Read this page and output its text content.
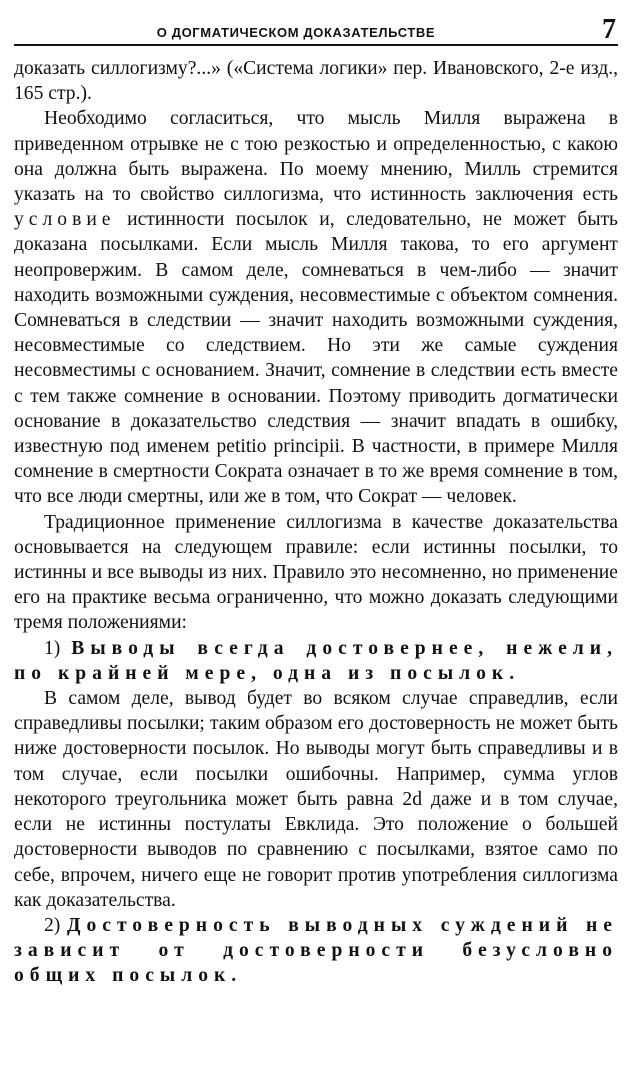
О ДОГМАТИЧЕСКОМ ДОКАЗАТЕЛЬСТВЕ	7

доказать силлогизму?...» («Система логики» пер. Ивановского, 2-е изд., 165 стр.).

Необходимо согласиться, что мысль Милля выражена в приведенном отрывке не с тою резкостью и определенностью, с какою она должна быть выражена. По моему мнению, Милль стремится указать на то свойство силлогизма, что истинность заключения есть условие истинности посылок и, следовательно, не может быть доказана посылками. Если мысль Милля такова, то его аргумент неопровержим. В самом деле, сомневаться в чем-либо — значит находить возможными суждения, несовместимые с объектом сомнения. Сомневаться в следствии — значит находить возможными суждения, несовместимые со следствием. Но эти же самые суждения несовместимы с основанием. Значит, сомнение в следствии есть вместе с тем также сомнение в основании. Поэтому приводить догматически основание в доказательство следствия — значит впадать в ошибку, известную под именем petitio principii. В частности, в примере Милля сомнение в смертности Сократа означает в то же время сомнение в том, что все люди смертны, или же в том, что Сократ — человек.

Традиционное применение силлогизма в качестве доказательства основывается на следующем правиле: если истинны посылки, то истинны и все выводы из них. Правило это несомненно, но применение его на практике весьма ограниченно, что можно доказать следующими тремя положениями:

1) Выводы всегда достовернее, нежели, по крайней мере, одна из посылок.

В самом деле, вывод будет во всяком случае справедлив, если справедливы посылки; таким образом его достоверность не может быть ниже достоверности посылок. Но выводы могут быть справедливы и в том случае, если посылки ошибочны. Например, сумма углов некоторого треугольника может быть равна 2d даже и в том случае, если не истинны постулаты Евклида. Это положение о большей достоверности выводов по сравнению с посылками, взятое само по себе, впрочем, ничего еще не говорит против употребления силлогизма как доказательства.

2) Достоверность выводных суждений не зависит от достоверности безусловно общих посылок.
